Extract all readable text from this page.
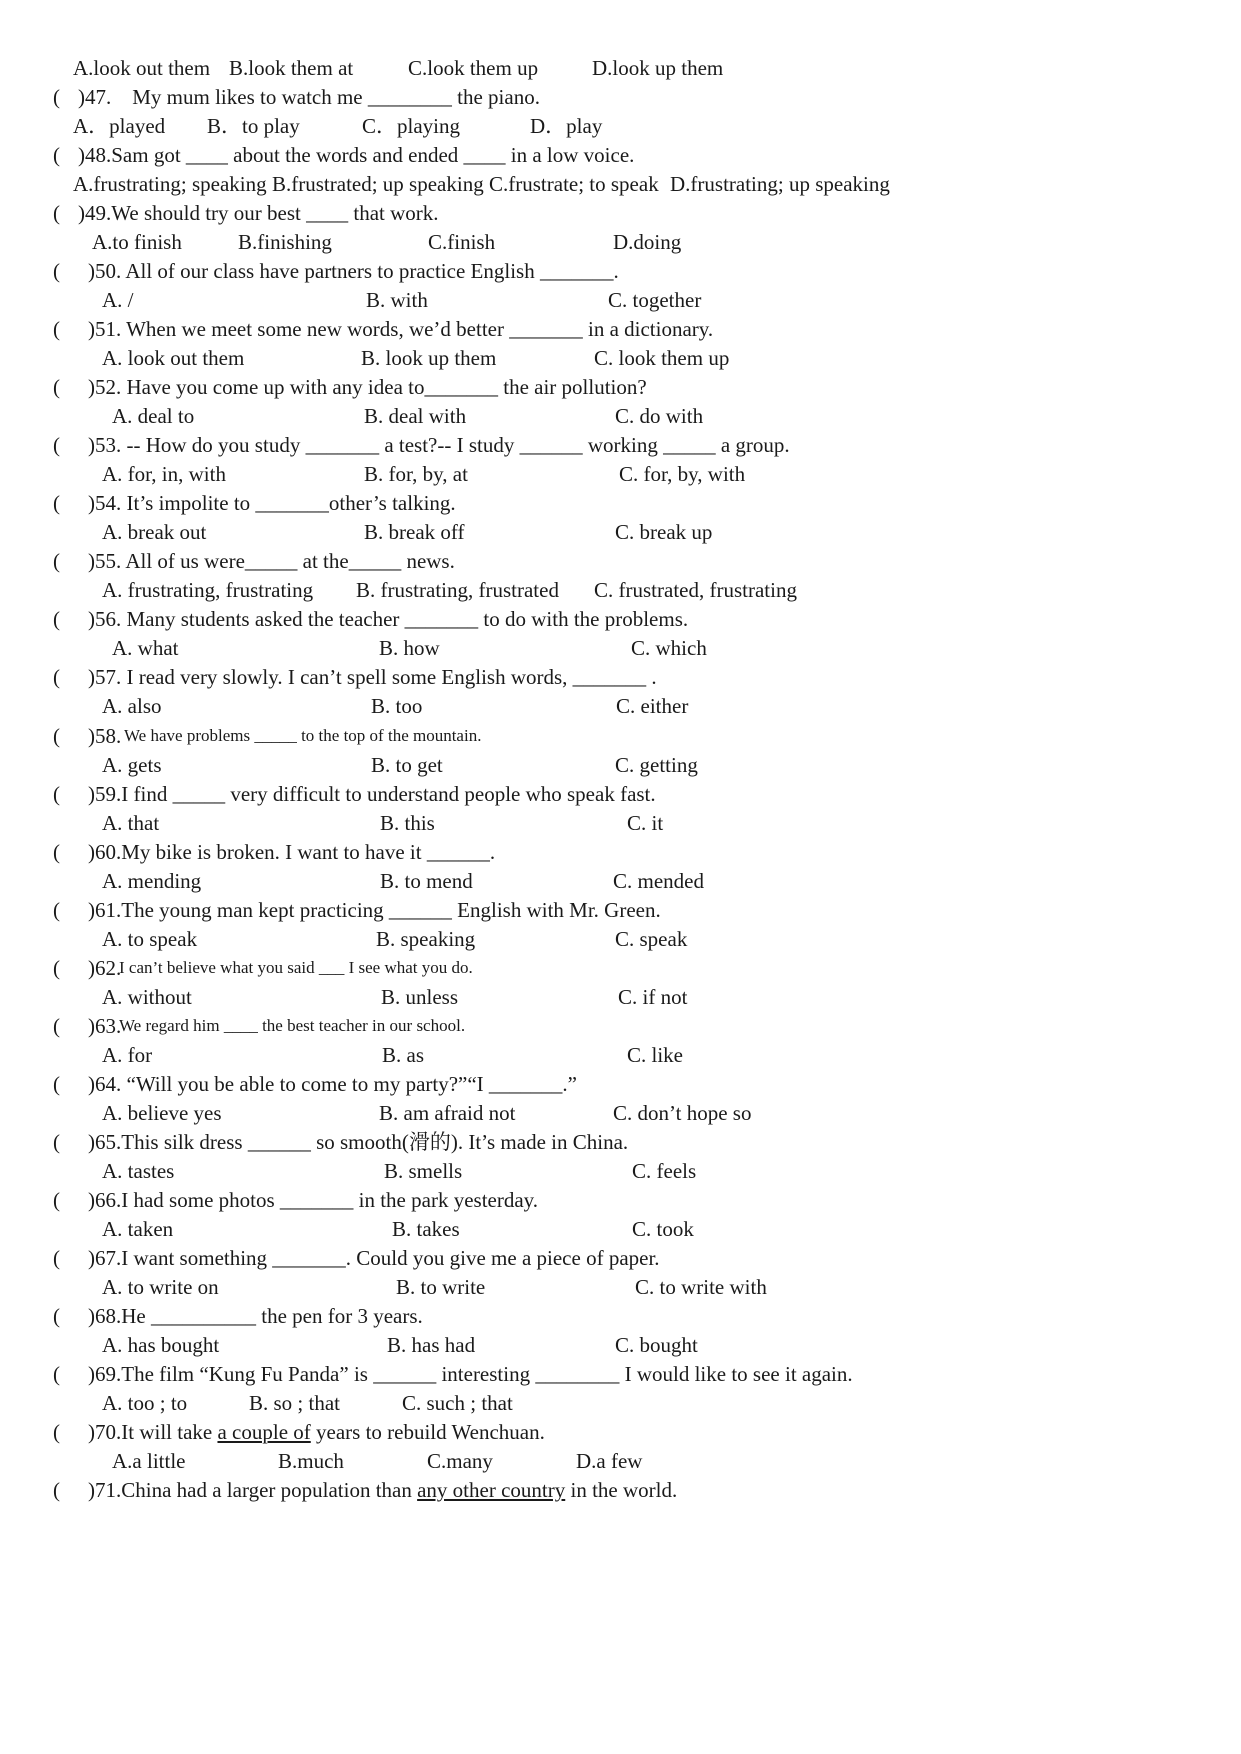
A.look out them B.look them at	C.look them up	D.look up them
( )47.    My mum likes to watch me ________ the piano.
A．played B．to play	C．playing	D．play
( )48.Sam got ____ about the words and ended ____ in a low voice.
A.frustrating; speaking B.frustrated; up speaking C.frustrate; to speak D.frustrating; up speaking
( )49.We should try our best ____ that work.
A.to finish	B.finishing	C.finish	D.doing
( )50. All of our class have partners to practice English _______.
A. /	B. with	C. together
( )51. When we meet some new words, we’d better _______ in a dictionary.
A. look out them	B. look up them	C. look them up
( )52. Have you come up with any idea to_______ the air pollution?
A. deal to	B. deal with	C. do with
( )53. -- How do you study _______ a test?-- I study ______ working _____ a group.
A. for, in, with	B. for, by, at	C. for, by, with
( )54. It’s impolite to _______other’s talking.
A. break out	B. break off	C. break up
( )55. All of us were_____ at the_____ news.
A. frustrating, frustrating B. frustrating, frustrated C. frustrated, frustrating
( )56. Many students asked the teacher _______ to do with the problems.
A. what	B. how	C. which
( )57. I read very slowly. I can’t spell some English words, _______ .
A. also	B. too	C. either
( )58. We have problems _____ to the top of the mountain.
A. gets	B. to get	C. getting
( )59.I find _____ very difficult to understand people who speak fast.
A. that	B. this	C. it
( )60.My bike is broken. I want to have it ______.
A. mending	B. to mend	C. mended
( )61.The young man kept practicing ______ English with Mr. Green.
A. to speak	B. speaking	C. speak
( )62.
I can’t believe what you said ___ I see what you do.
A. without	B. unless	C. if not
( )63.
We regard him ____ the best teacher in our school.
A. for	B. as	C. like
( )64. “Will you be able to come to my party?”“I _______.”
A. believe yes	B. am afraid not	C. don’t hope so
( )65.This silk dress ______ so smooth(滑的). It’s made in China.
A. tastes	B. smells	C. feels
( )66.I had some photos _______ in the park yesterday.
A. taken	B. takes	C. took
( )67.I want something _______. Could you give me a piece of paper.
A. to write on	B. to write	C. to write with
( )68.He __________ the pen for 3 years.
A. has bought	B. has had	C. bought
( )69.The film “Kung Fu Panda” is ______ interesting ________ I would like to see it again.
A. too ; to	B. so ; that	C. such ; that
( )70.It will take a couple of years to rebuild Wenchuan.
A.a little	B.much	C.many	D.a few
( )71.China had a larger population than any other country in the world.
